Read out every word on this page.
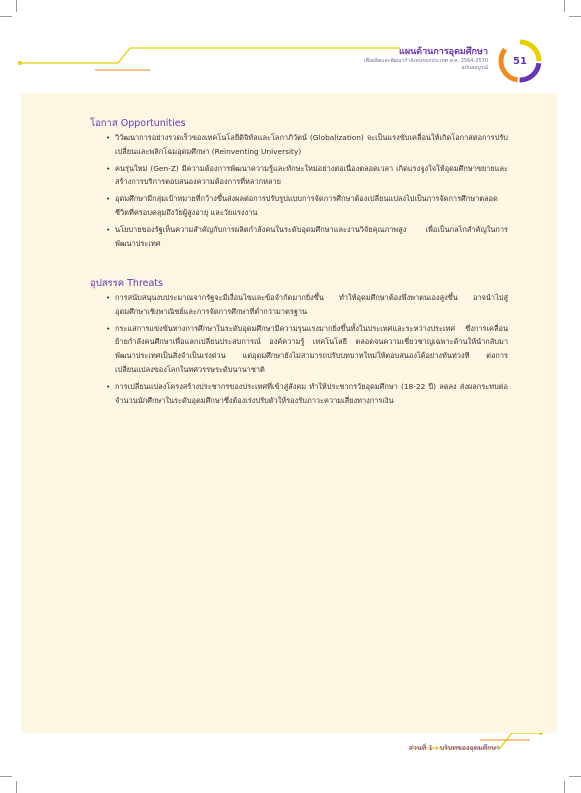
แผนด้านการอุดมศึกษา
เพื่อผลิตและพัฒนากำลังคนของประเทศ พ.ศ. 2564-2570
ฉบับสมบูรณ์
51
โอกาส Opportunities
• วิวัฒนาการอย่างรวดเร็วของเทคโนโลยีดิจิทัลและโลกาภิวัตน์ (Globalization) จะเป็นแรงขับเคลื่อนให้เกิดโอกาสต่อการปรับเปลี่ยนและพลิกโฉมอุดมศึกษา (Reinventing University)
• คนรุ่นใหม่ (Gen-Z) มีความต้องการพัฒนาความรู้และทักษะใหม่อย่างต่อเนื่องตลอดเวลา เกิดแรงจูงใจให้อุดมศึกษาขยายและสร้างการบริการตอบสนองความต้องการที่หลากหลาย
• อุดมศึกษามีกลุ่มเป้าหมายที่กว้างขึ้นส่งผลต่อการปรับรูปแบบการจัดการศึกษาต้องเปลี่ยนแปลงไปเป็นการจัดการศึกษาตลอดชีวิตที่ครอบคลุมถึงวัยผู้สูงอายุ และวัยแรงงาน
• นโยบายของรัฐเห็นความสำคัญกับการผลิตกำลังคนในระดับอุดมศึกษาและงานวิจัยคุณภาพสูง เพื่อเป็นกลไกสำคัญในการพัฒนาประเทศ
อุปสรรค Threats
• การสนับสนุนงบประมาณจากรัฐจะมีเงื่อนไขและข้อจำกัดมากยิ่งขึ้น ทำให้อุดมศึกษาต้องพึ่งพาตนเองสูงขึ้น อาจนำไปสู่อุดมศึกษาเชิงพาณิชย์และการจัดการศึกษาที่ต่ำกว่ามาตรฐาน
• กระแสการแข่งขันทางการศึกษาในระดับอุดมศึกษามีความรุนแรงมากยิ่งขึ้นทั้งในประเทศและระหว่างประเทศ ซึ่งการเคลื่อนย้ายกำลังคนศึกษาเพื่อแลกเปลี่ยนประสบการณ์ องค์ความรู้ เทคโนโลยี ตลอดจนความเชี่ยวชาญเฉพาะด้านให้นำกลับมาพัฒนาประเทศเป็นสิ่งจำเป็นเร่งด่วน แต่อุดมศึกษายังไม่สามารถปรับบทบาทใหม่ให้ตอบสนองได้อย่างทันท่วงที ต่อการเปลี่ยนแปลงของโลกในทศวรรษระดับนานาชาติ
• การเปลี่ยนแปลงโครงสร้างประชากรของประเทศที่เข้าสู่สังคม ทำให้ประชากรวัยอุดมศึกษา (18-22 ปี) ลดลง ส่งผลกระทบต่อจำนวนนักศึกษาในระดับอุดมศึกษาซึ่งต้องเร่งปรับตัวให้รองรับภาวะความเสี่ยงทางการเงิน
ส่วนที่ 1 : บริบทของอุดมศึกษา
